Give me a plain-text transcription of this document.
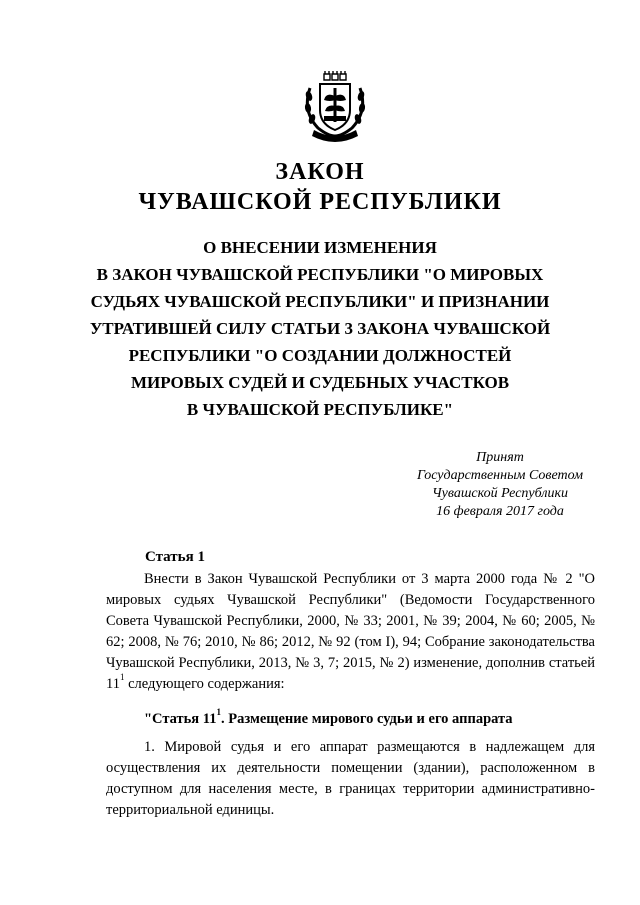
ЗАКОН
ЧУВАШСКОЙ РЕСПУБЛИКИ
О ВНЕСЕНИИ ИЗМЕНЕНИЯ
В ЗАКОН ЧУВАШСКОЙ РЕСПУБЛИКИ "О МИРОВЫХ
СУДЬЯХ ЧУВАШСКОЙ РЕСПУБЛИКИ" И ПРИЗНАНИИ
УТРАТИВШЕЙ СИЛУ СТАТЬИ 3 ЗАКОНА ЧУВАШСКОЙ
РЕСПУБЛИКИ "О СОЗДАНИИ ДОЛЖНОСТЕЙ
МИРОВЫХ СУДЕЙ И СУДЕБНЫХ УЧАСТКОВ
В ЧУВАШСКОЙ РЕСПУБЛИКЕ"
Принят
Государственным Советом
Чувашской Республики
16 февраля 2017 года
Статья 1
Внести в Закон Чувашской Республики от 3 марта 2000 года № 2 "О мировых судьях Чувашской Республики" (Ведомости Государственного Совета Чувашской Республики, 2000, № 33; 2001, № 39; 2004, № 60; 2005, № 62; 2008, № 76; 2010, № 86; 2012, № 92 (том I), 94; Собрание законодательства Чувашской Республики, 2013, № 3, 7; 2015, № 2) изменение, дополнив статьей $11^1$ следующего содержания:
"Статья $11^1$. Размещение мирового судьи и его аппарата
1. Мировой судья и его аппарат размещаются в надлежащем для осуществления их деятельности помещении (здании), расположенном в доступном для населения месте, в границах территории административно-территориальной единицы.
